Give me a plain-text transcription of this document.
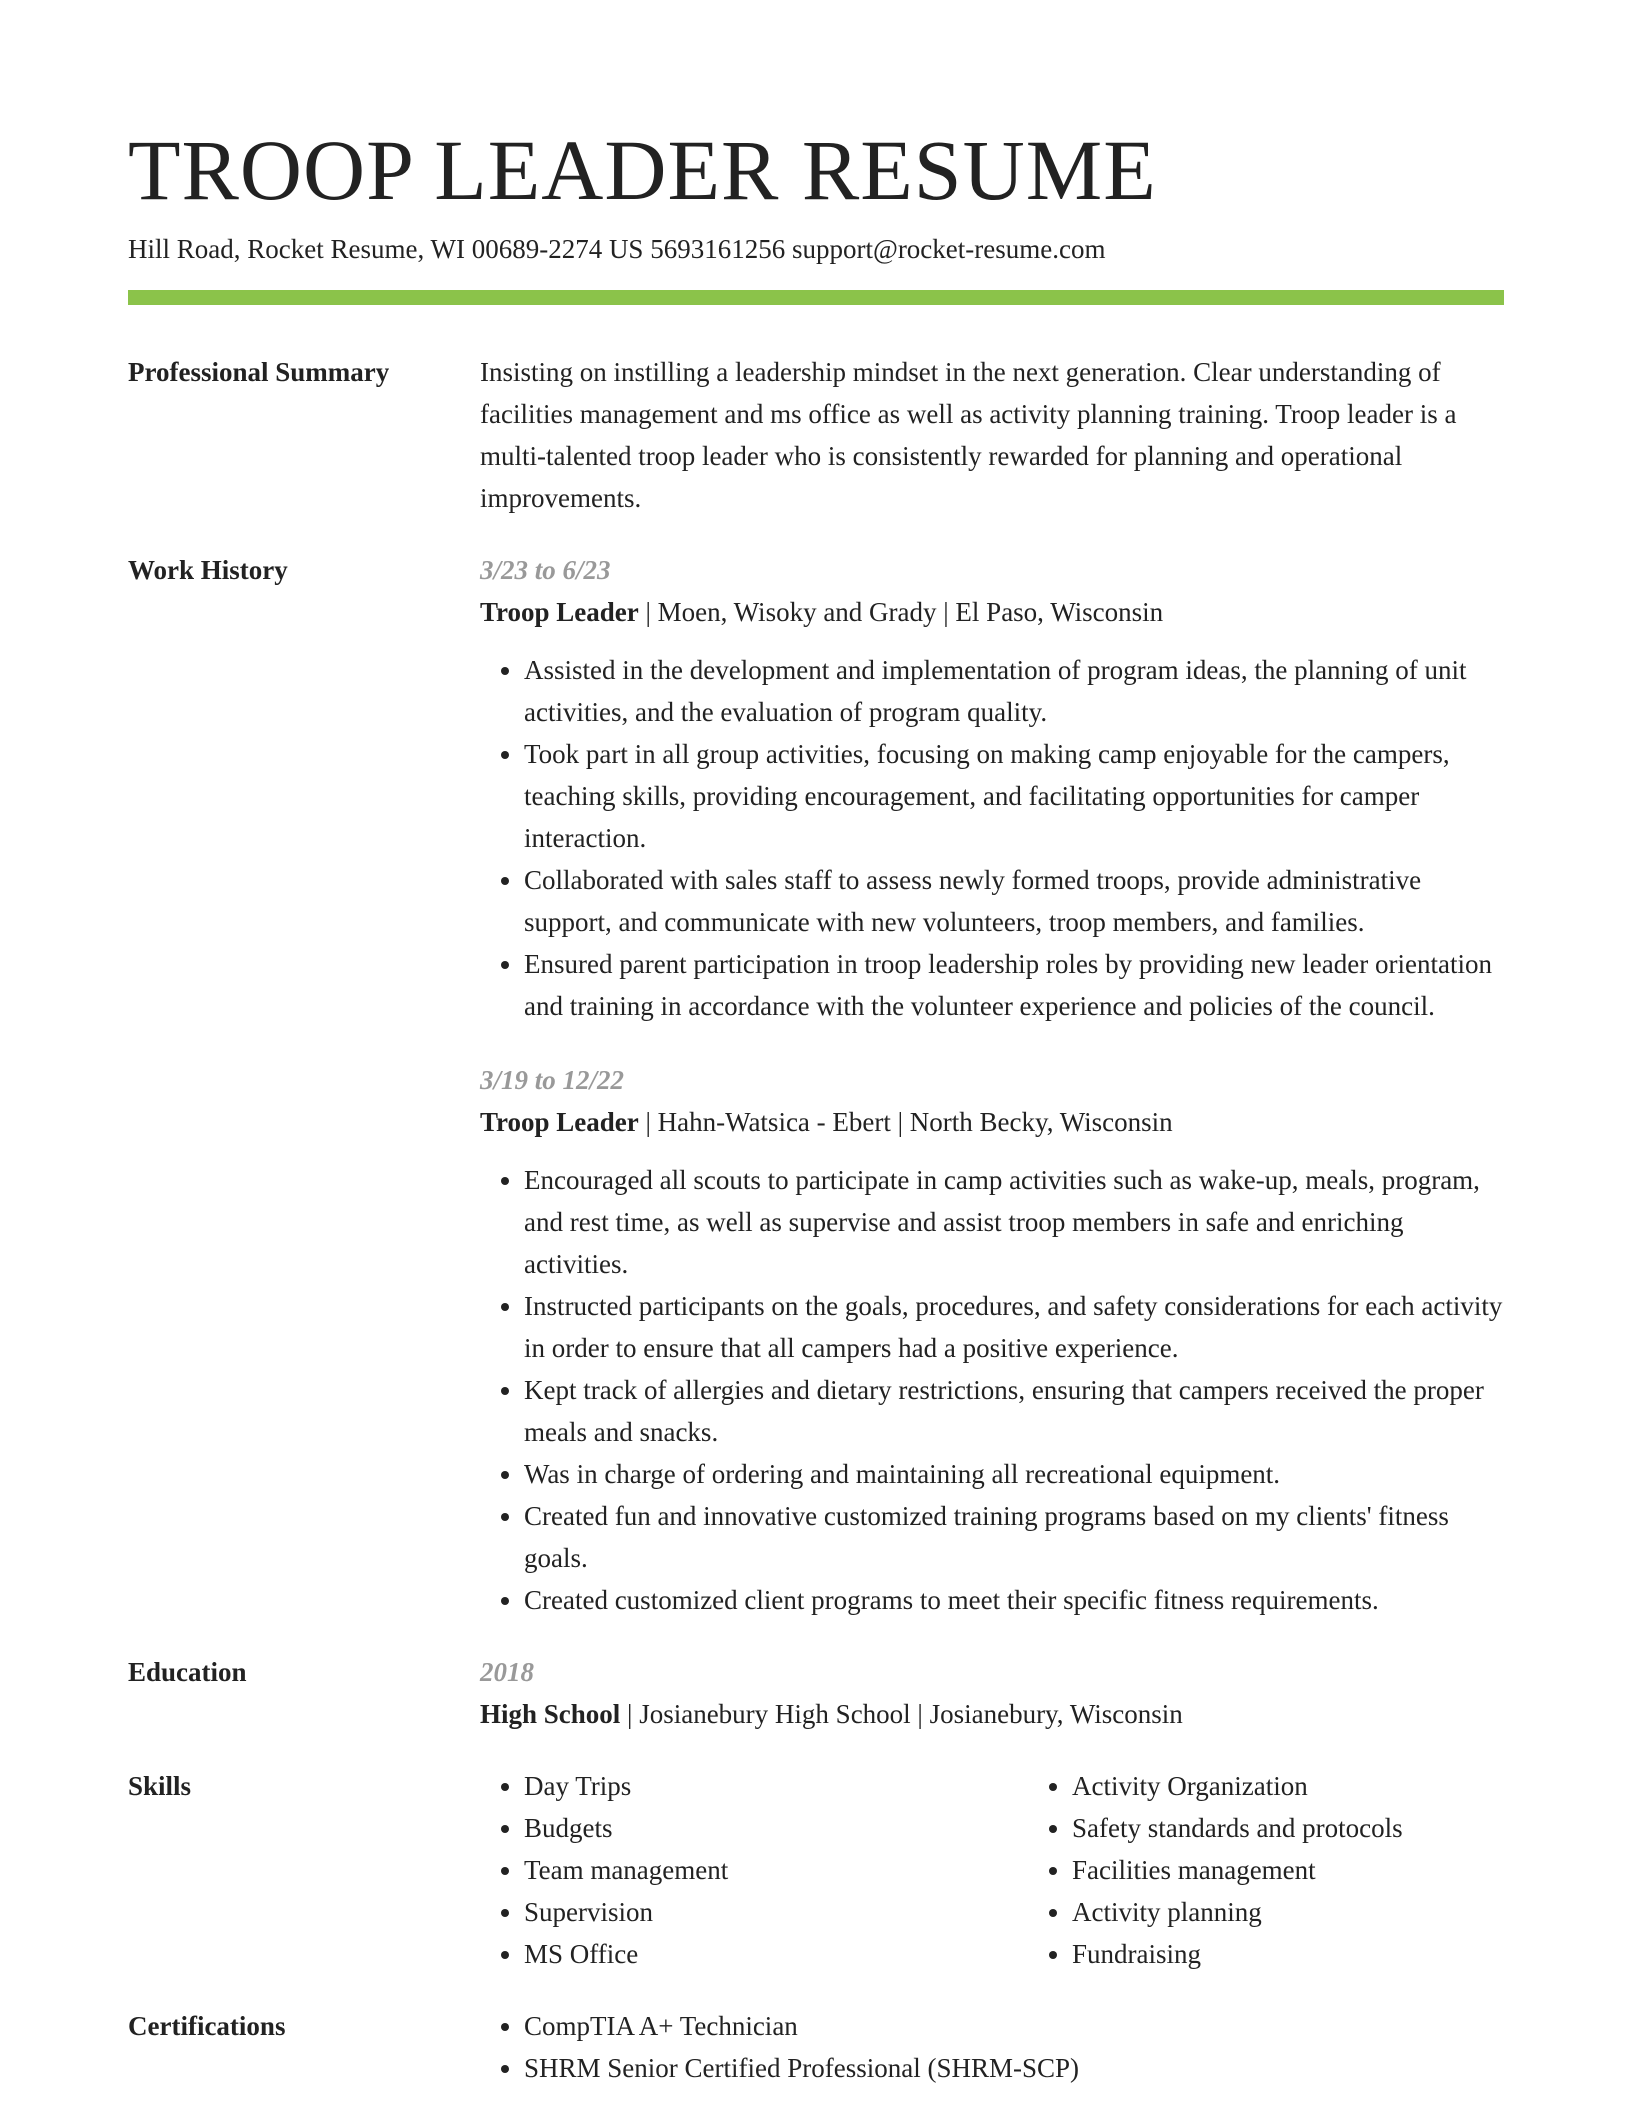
TROOP LEADER RESUME
Hill Road, Rocket Resume, WI 00689-2274 US 5693161256 support@rocket-resume.com
Professional Summary	Insisting on instilling a leadership mindset in the next generation. Clear understanding of facilities management and ms office as well as activity planning training. Troop leader is a multi-talented troop leader who is consistently rewarded for planning and operational improvements.

Work History	3/23 to 6/23
Troop Leader | Moen, Wisoky and Grady | El Paso, Wisconsin
• Assisted in the development and implementation of program ideas, the planning of unit activities, and the evaluation of program quality.
• Took part in all group activities, focusing on making camp enjoyable for the campers, teaching skills, providing encouragement, and facilitating opportunities for camper interaction.
• Collaborated with sales staff to assess newly formed troops, provide administrative support, and communicate with new volunteers, troop members, and families.
• Ensured parent participation in troop leadership roles by providing new leader orientation and training in accordance with the volunteer experience and policies of the council.
3/19 to 12/22
Troop Leader | Hahn-Watsica - Ebert | North Becky, Wisconsin
• Encouraged all scouts to participate in camp activities such as wake-up, meals, program, and rest time, as well as supervise and assist troop members in safe and enriching activities.
• Instructed participants on the goals, procedures, and safety considerations for each activity in order to ensure that all campers had a positive experience.
• Kept track of allergies and dietary restrictions, ensuring that campers received the proper meals and snacks.
• Was in charge of ordering and maintaining all recreational equipment.
• Created fun and innovative customized training programs based on my clients' fitness goals.
• Created customized client programs to meet their specific fitness requirements.
Education	2018
High School | Josianebury High School | Josianebury, Wisconsin
Skills	• Day Trips
• Budgets
• Team management
• Supervision
• MS Office
• Activity Organization
• Safety standards and protocols
• Facilities management
• Activity planning
• Fundraising
Certifications	• CompTIA A+ Technician
• SHRM Senior Certified Professional (SHRM-SCP)
